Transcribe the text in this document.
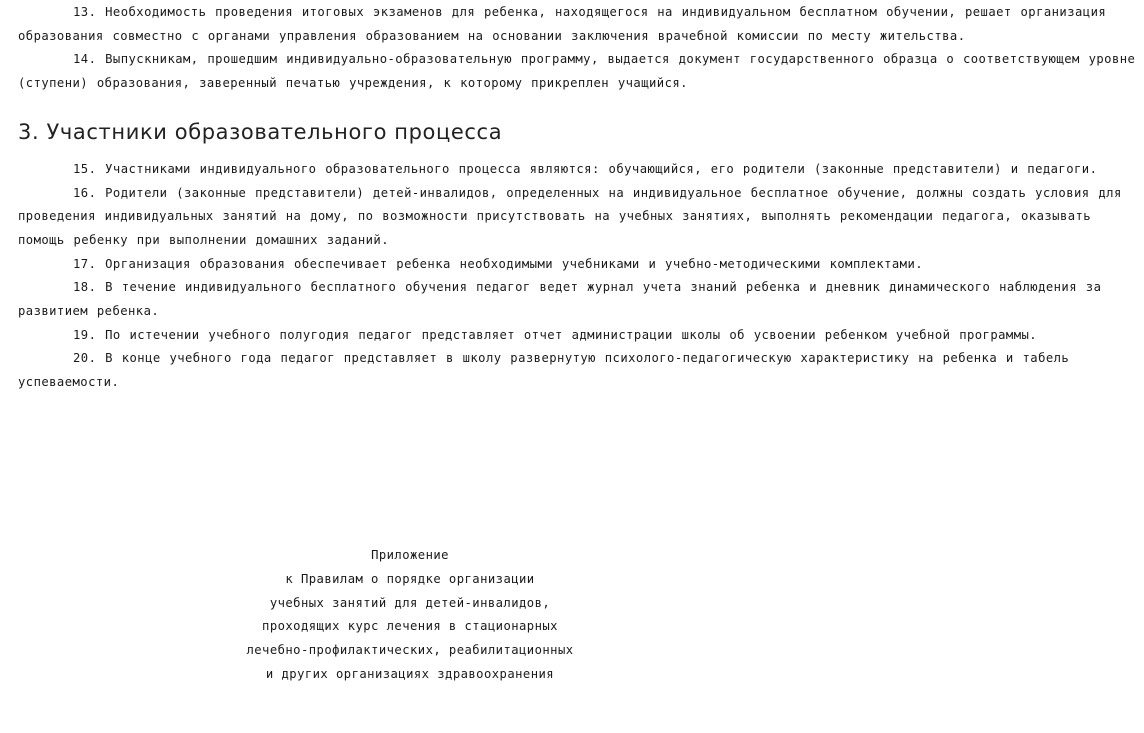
13. Необходимость проведения итоговых экзаменов для ребенка, находящегося на индивидуальном бесплатном обучении, решает организация образования совместно с органами управления образованием на основании заключения врачебной комиссии по месту жительства.

14. Выпускникам, прошедшим индивидуально-образовательную программу, выдается документ государственного образца о соответствующем уровне (ступени) образования, заверенный печатью учреждения, к которому прикреплен учащийся.

3. Участники образовательного процесса

15. Участниками индивидуального образовательного процесса являются: обучающийся, его родители (законные представители) и педагоги.

16. Родители (законные представители) детей-инвалидов, определенных на индивидуальное бесплатное обучение, должны создать условия для проведения индивидуальных занятий на дому, по возможности присутствовать на учебных занятиях, выполнять рекомендации педагога, оказывать помощь ребенку при выполнении домашних заданий.

17. Организация образования обеспечивает ребенка необходимыми учебниками и учебно-методическими комплектами.

18. В течение индивидуального бесплатного обучения педагог ведет журнал учета знаний ребенка и дневник динамического наблюдения за развитием ребенка.

19. По истечении учебного полугодия педагог представляет отчет администрации школы об усвоении ребенком учебной программы.

20. В конце учебного года педагог представляет в школу развернутую психолого-педагогическую характеристику на ребенка и табель успеваемости.

Приложение
к Правилам о порядке организации
учебных занятий для детей-инвалидов,
проходящих курс лечения в стационарных
лечебно-профилактических, реабилитационных
и других организациях здравоохранения
